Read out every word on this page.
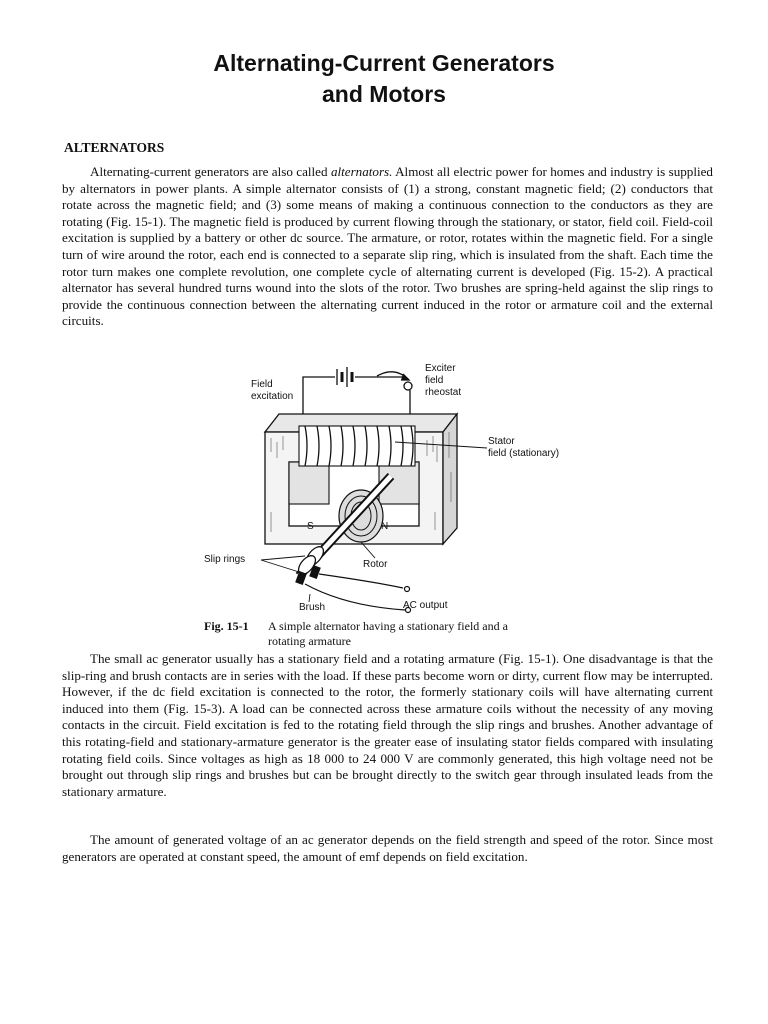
Alternating-Current Generators
and Motors
ALTERNATORS

Alternating-current generators are also called alternators. Almost all electric power for homes and industry is supplied by alternators in power plants. A simple alternator consists of (1) a strong, constant magnetic field; (2) conductors that rotate across the magnetic field; and (3) some means of making a continuous connection to the conductors as they are rotating (Fig. 15-1). The magnetic field is produced by current flowing through the stationary, or stator, field coil. Field-coil excitation is supplied by a battery or other dc source. The armature, or rotor, rotates within the magnetic field. For a single turn of wire around the rotor, each end is connected to a separate slip ring, which is insulated from the shaft. Each time the rotor turn makes one complete revolution, one complete cycle of alternating current is developed (Fig. 15-2). A practical alternator has several hundred turns wound into the slots of the rotor. Two brushes are spring-held against the slip rings to provide the continuous connection between the alternating current induced in the rotor or armature coil and the external circuits.

Field
excitation
Exciter
field
rheostat
Stator
field (stationary)
S	N
Slip rings	Rotor
Brush	AC output
Fig. 15-1 A simple alternator having a stationary field and a
rotating armature

The small ac generator usually has a stationary field and a rotating armature (Fig. 15-1). One disadvantage is that the slip-ring and brush contacts are in series with the load. If these parts become worn or dirty, current flow may be interrupted. However, if the dc field excitation is connected to the rotor, the formerly stationary coils will have alternating current induced into them (Fig. 15-3). A load can be connected across these armature coils without the necessity of any moving contacts in the circuit. Field excitation is fed to the rotating field through the slip rings and brushes. Another advantage of this rotating-field and stationary-armature generator is the greater ease of insulating stator fields compared with insulating rotating field coils. Since voltages as high as 18 000 to 24 000 V are commonly generated, this high voltage need not be brought out through slip rings and brushes but can be brought directly to the switch gear through insulated leads from the stationary armature.

The amount of generated voltage of an ac generator depends on the field strength and speed of the rotor. Since most generators are operated at constant speed, the amount of emf depends on field excitation.
